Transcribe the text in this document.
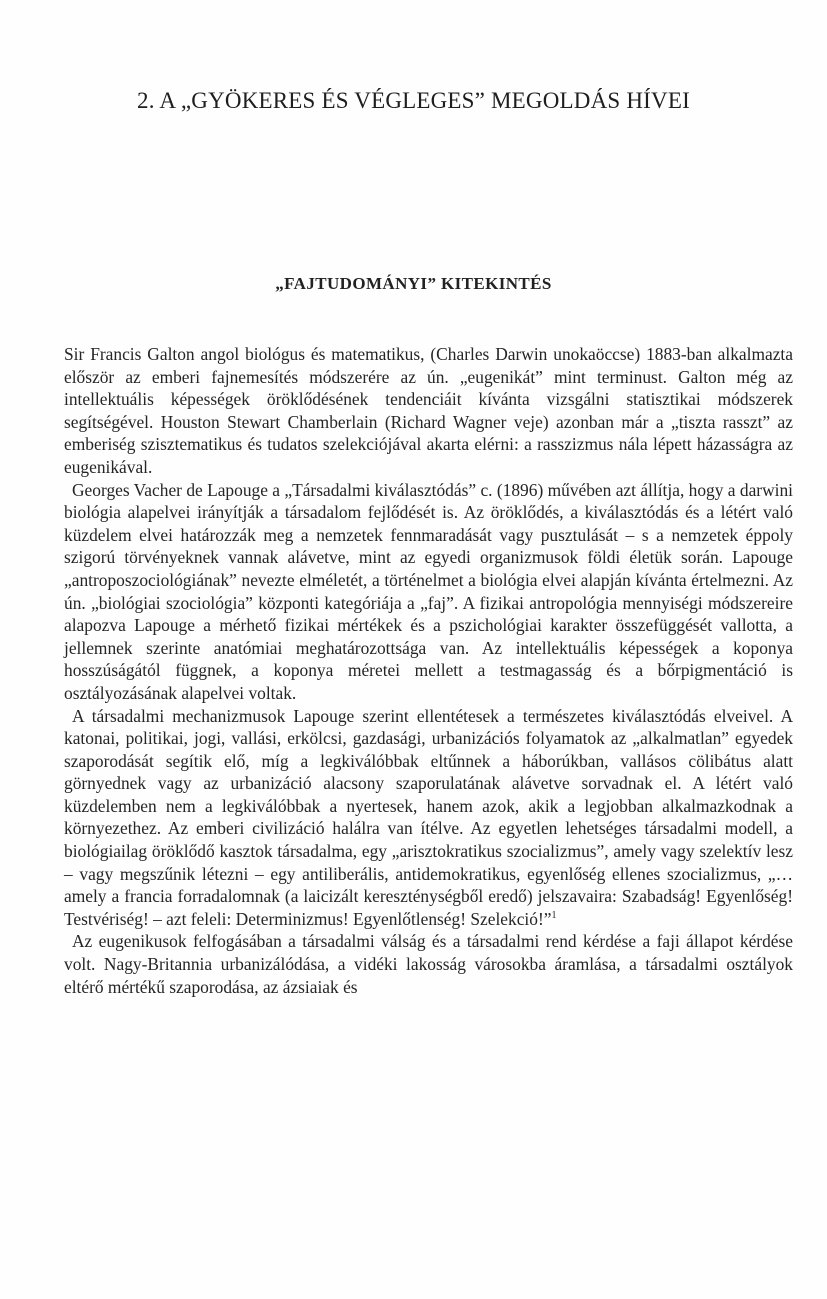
2. A „GYÖKERES ÉS VÉGLEGES” MEGOLDÁS HÍVEI
„FAJTUDOMÁNYI” KITEKINTÉS

Sir Francis Galton angol biológus és matematikus, (Charles Darwin unokaöccse) 1883-ban alkalmazta először az emberi fajnemesítés módszerére az ún. „eugenikát” mint terminust. Galton még az intellektuális képességek öröklődésének tendenciáit kívánta vizsgálni statisztikai módszerek segítségével. Houston Stewart Chamberlain (Richard Wagner veje) azonban már a „tiszta rasszt” az emberiség szisztematikus és tudatos szelekciójával akarta elérni: a rasszizmus nála lépett házasságra az eugenikával.

Georges Vacher de Lapouge a „Társadalmi kiválasztódás” c. (1896) művében azt állítja, hogy a darwini biológia alapelvei irányítják a társadalom fejlődését is. Az öröklődés, a kiválasztódás és a létért való küzdelem elvei határozzák meg a nemzetek fennmaradását vagy pusztulását – s a nemzetek éppoly szigorú törvényeknek vannak alávetve, mint az egyedi organizmusok földi életük során. Lapouge „antroposzociológiának” nevezte elméletét, a történelmet a biológia elvei alapján kívánta értelmezni. Az ún. „biológiai szociológia” központi kategóriája a „faj”. A fizikai antropológia mennyiségi módszereire alapozva Lapouge a mérhető fizikai mértékek és a pszichológiai karakter összefüggését vallotta, a jellemnek szerinte anatómiai meghatározottsága van. Az intellektuális képességek a koponya hosszúságától függnek, a koponya méretei mellett a testmagasság és a bőrpigmentáció is osztályozásának alapelvei voltak.

A társadalmi mechanizmusok Lapouge szerint ellentétesek a természetes kiválasztódás elveivel. A katonai, politikai, jogi, vallási, erkölcsi, gazdasági, urbanizációs folyamatok az „alkalmatlan” egyedek szaporodását segítik elő, míg a legkiválóbbak eltűnnek a háborúkban, vallásos cölibátus alatt görnyednek vagy az urbanizáció alacsony szaporulatának alávetve sorvadnak el. A létért való küzdelemben nem a legkiválóbbak a nyertesek, hanem azok, akik a legjobban alkalmazkodnak a környezethez. Az emberi civilizáció halálra van ítélve. Az egyetlen lehetséges társadalmi modell, a biológiailag öröklődő kasztok társadalma, egy „arisztokratikus szocializmus”, amely vagy szelektív lesz – vagy megszűnik létezni – egy antiliberális, antidemokratikus, egyenlőség ellenes szocializmus, „…amely a francia forradalomnak (a laicizált kereszténységből eredő) jelszavaira: Szabadság! Egyenlőség! Testvériség! – azt feleli: Determinizmus! Egyenlőtlenség! Szelekció!”$^1$

Az eugenikusok felfogásában a társadalmi válság és a társadalmi rend kérdése a faji állapot kérdése volt. Nagy-Britannia urbanizálódása, a vidéki lakosság városokba áramlása, a társadalmi osztályok eltérő mértékű szaporodása, az ázsiaiak és
